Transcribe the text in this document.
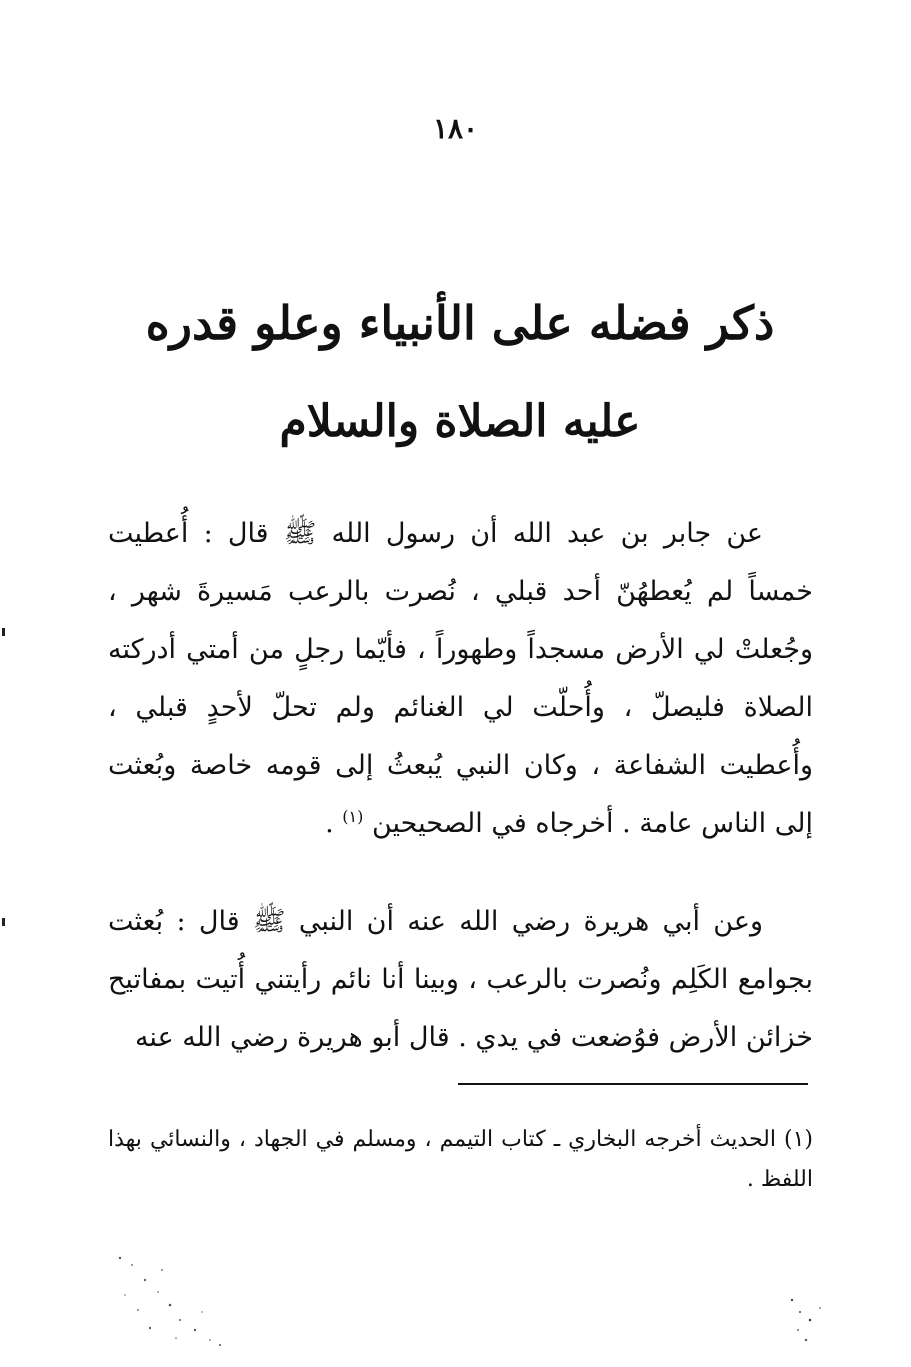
١٨٠
ذكر فضله على الأنبياء وعلو قدره
عليه الصلاة والسلام

عن جابر بن عبد الله أن رسول الله ﷺ قال : أُعطيت خمساً لم يُعطهُنّ أحد قبلي ، نُصرت بالرعب مَسيرةَ شهر ، وجُعلتْ لي الأرض مسجداً وطهوراً ، فأيّما رجلٍ من أمتي أدركته الصلاة فليصلّ ، وأُحلّت لي الغنائم ولم تحلّ لأحدٍ قبلي ، وأُعطيت الشفاعة ، وكان النبي يُبعثُ إلى قومه خاصة وبُعثت إلى الناس عامة . أخرجاه في الصحيحين $^{(١)}$ .

وعن أبي هريرة رضي الله عنه أن النبي ﷺ قال : بُعثت بجوامع الكَلِم ونُصرت بالرعب ، وبينا أنا نائم رأيتني أُتيت بمفاتيح خزائن الأرض فوُضعت في يدي . قال أبو هريرة رضي الله عنه

(١) الحديث أخرجه البخاري ـ كتاب التيمم ، ومسلم في الجهاد ، والنسائي بهذا اللفظ .
